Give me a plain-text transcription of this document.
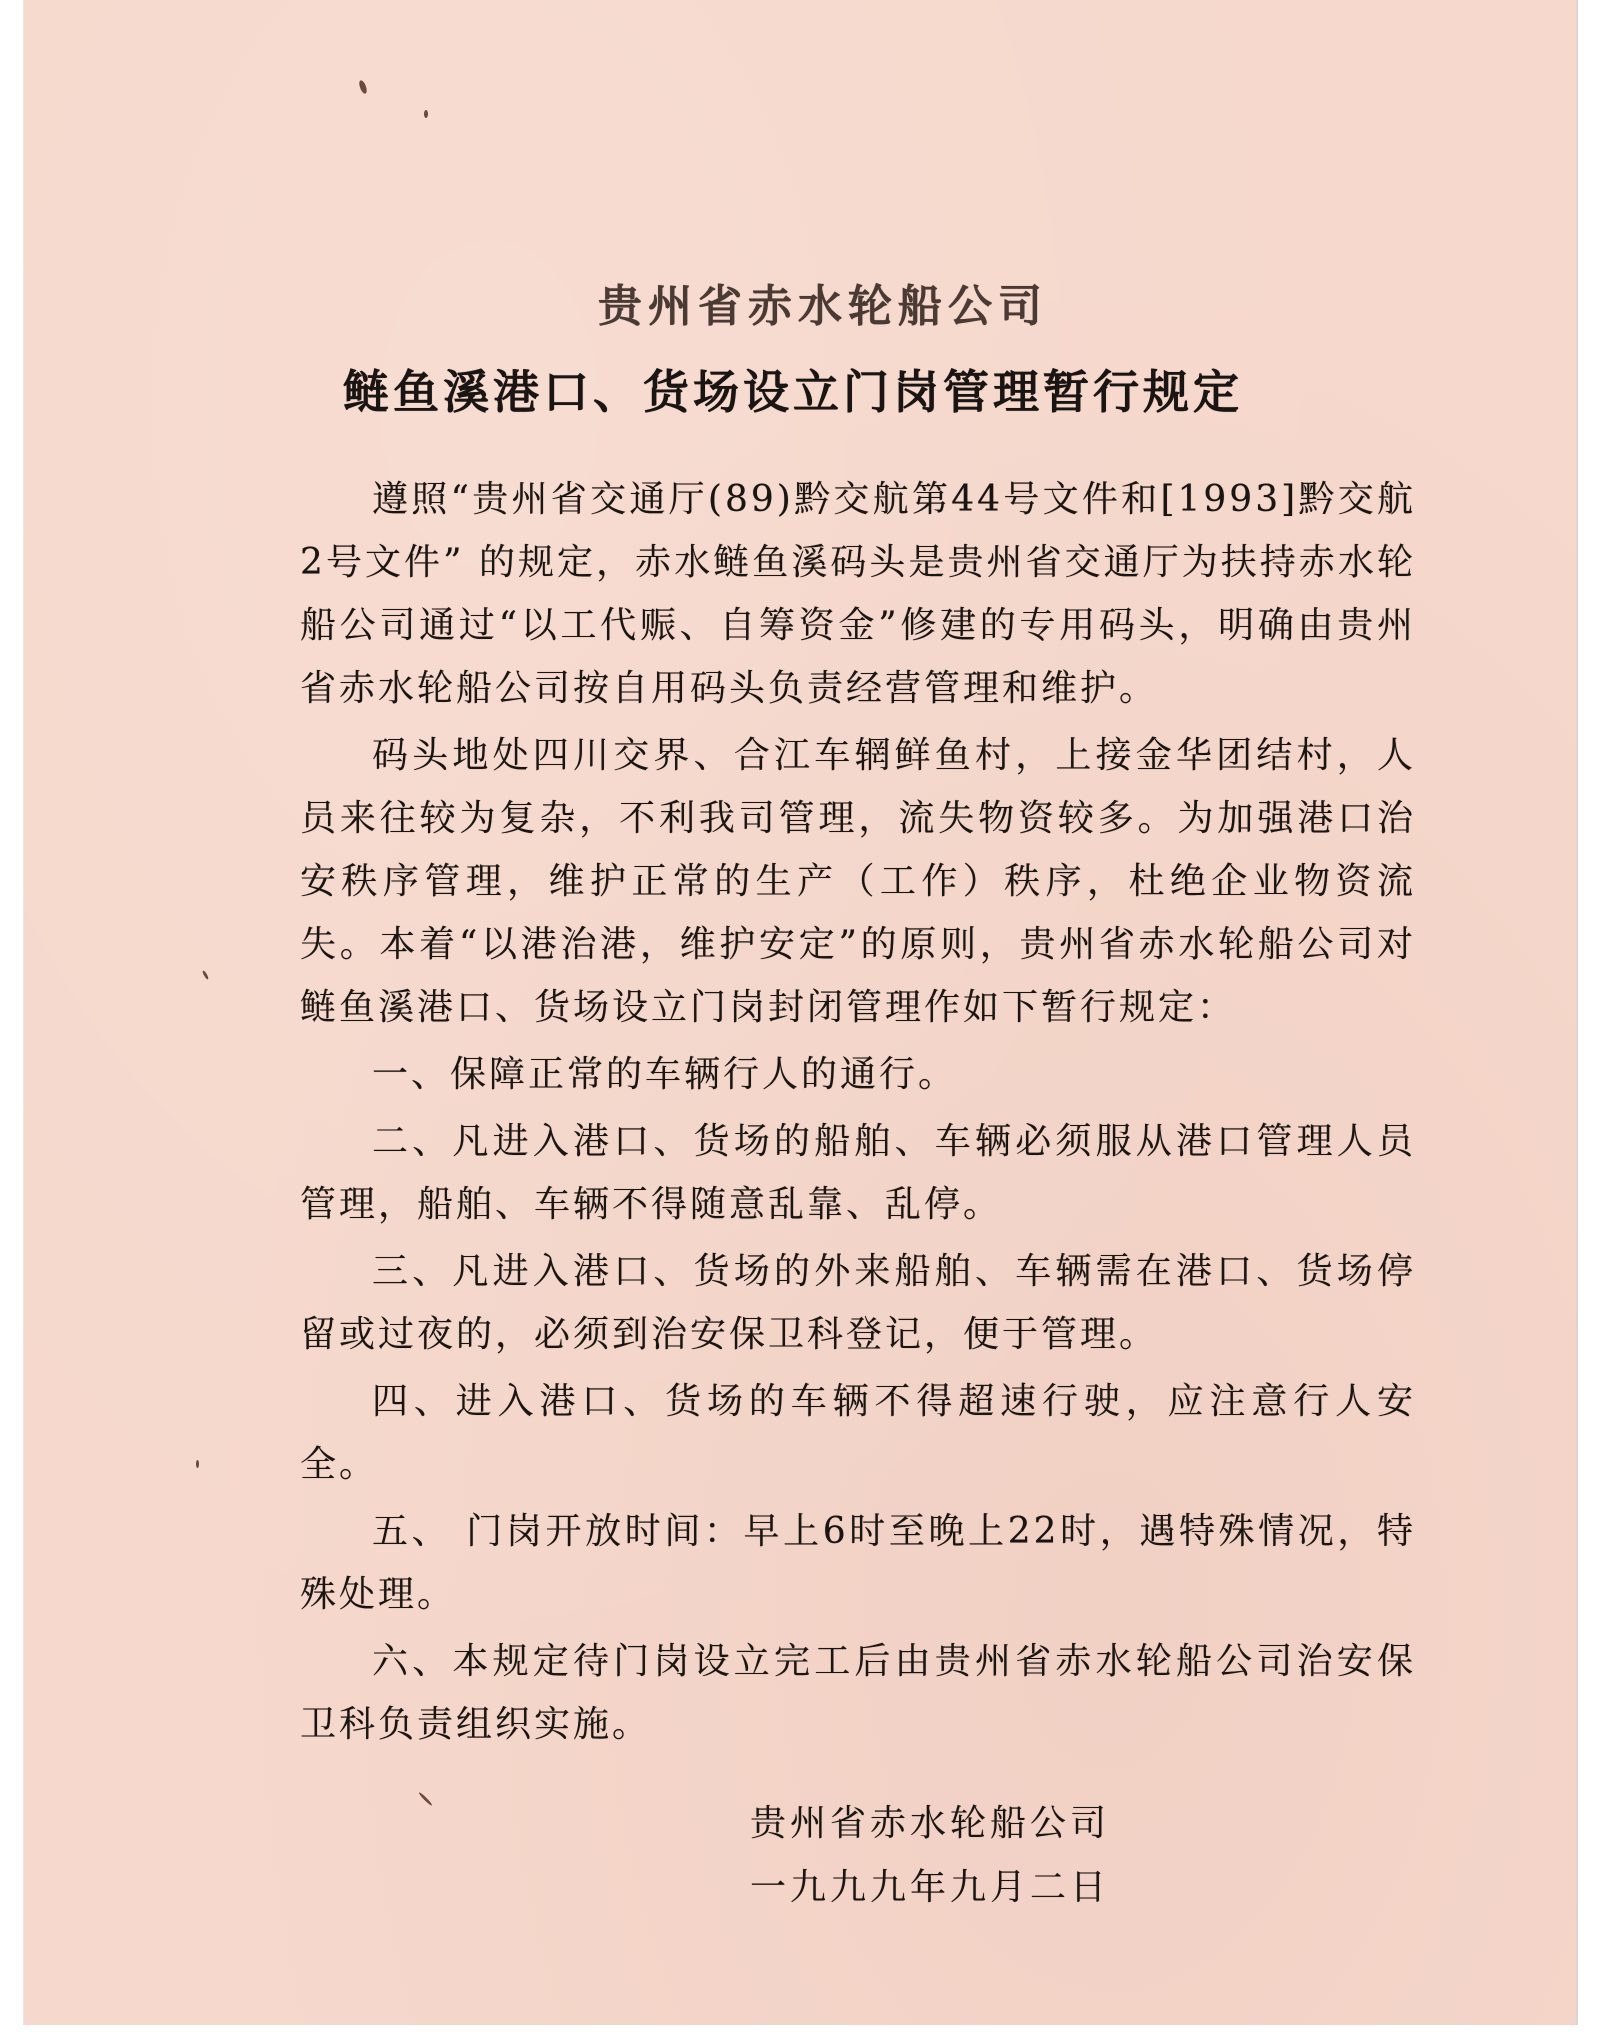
贵州省赤水轮船公司
鲢鱼溪港口、货场设立门岗管理暂行规定

遵照“贵州省交通厅(89)黔交航第44号文件和[1993]黔交航2号文件” 的规定，赤水鲢鱼溪码头是贵州省交通厅为扶持赤水轮船公司通过“以工代赈、自筹资金”修建的专用码头，明确由贵州省赤水轮船公司按自用码头负责经营管理和维护。

码头地处四川交界、合江车辋鲜鱼村，上接金华团结村，人员来往较为复杂，不利我司管理，流失物资较多。为加强港口治安秩序管理，维护正常的生产（工作）秩序，杜绝企业物资流失。本着“以港治港，维护安定”的原则，贵州省赤水轮船公司对鲢鱼溪港口、货场设立门岗封闭管理作如下暂行规定：

一、保障正常的车辆行人的通行。

二、凡进入港口、货场的船舶、车辆必须服从港口管理人员管理，船舶、车辆不得随意乱靠、乱停。

三、凡进入港口、货场的外来船舶、车辆需在港口、货场停留或过夜的，必须到治安保卫科登记，便于管理。

四、进入港口、货场的车辆不得超速行驶，应注意行人安全。

五、 门岗开放时间：早上6时至晚上22时，遇特殊情况，特殊处理。

六、本规定待门岗设立完工后由贵州省赤水轮船公司治安保卫科负责组织实施。

贵州省赤水轮船公司
一九九九年九月二日
